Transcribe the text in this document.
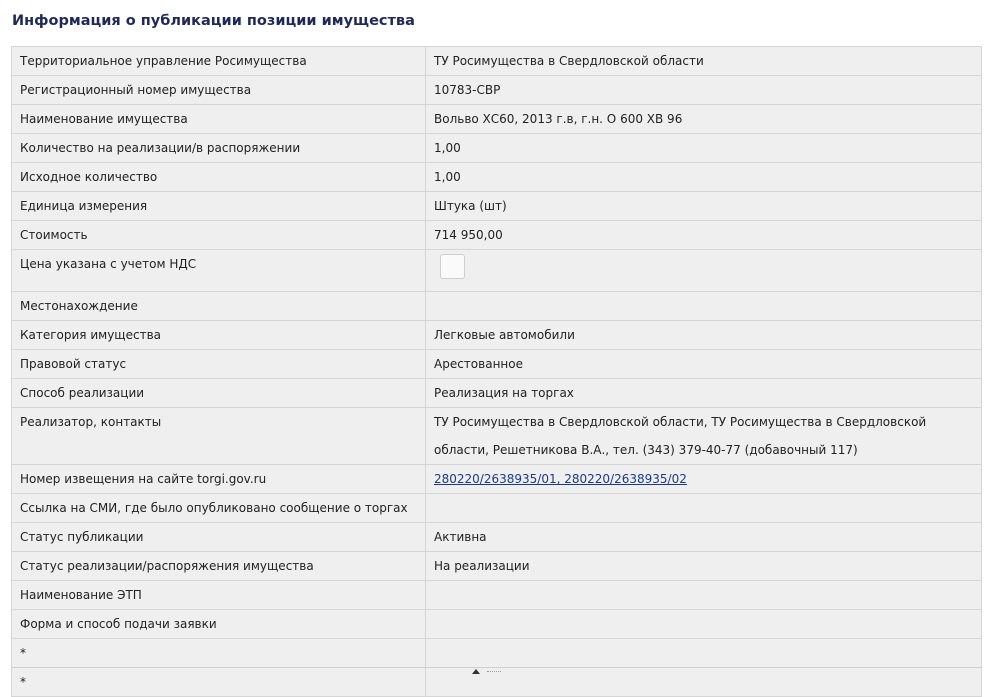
Информация о публикации позиции имущества
Территориальное управление Росимущества	ТУ Росимущества в Свердловской области
Регистрационный номер имущества	10783-СВР
Наименование имущества	Вольво ХС60, 2013 г.в, г.н. О 600 ХВ 96
Количество на реализации/в распоряжении	1,00
Исходное количество	1,00
Единица измерения	Штука (шт)
Стоимость	714 950,00
Цена указана с учетом НДС	
Местонахождение	
Категория имущества	Легковые автомобили
Правовой статус	Арестованное
Способ реализации	Реализация на торгах
Реализатор, контакты	ТУ Росимущества в Свердловской области, ТУ Росимущества в Свердловской области, Решетникова В.А., тел. (343) 379-40-77 (добавочный 117)
Номер извещения на сайте torgi.gov.ru	280220/2638935/01, 280220/2638935/02
Ссылка на СМИ, где было опубликовано сообщение о торгах	
Статус публикации	Активна
Статус реализации/распоряжения имущества	На реализации
Наименование ЭТП	
Форма и способ подачи заявки	
*	
*	
